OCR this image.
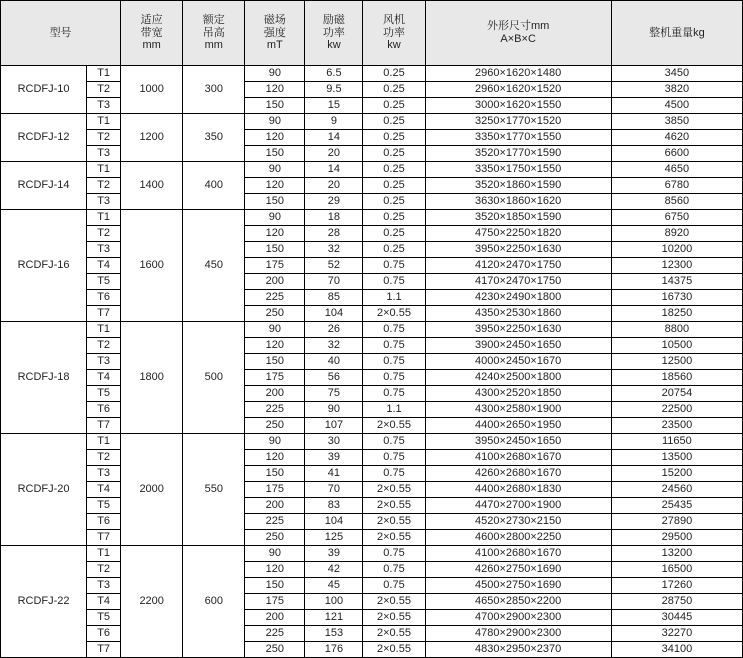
型号		适应
带宽
mm	额定
吊高
mm	磁场
强度
mT	励磁
功率
kw	风机
功率
kw	外形尺寸mm
A×B×C	整机重量kg
RCDFJ-10	T1	1000	300	90	6.5	0.25	2960×1620×1480	3450
	T2			120	9.5	0.25	2960×1620×1520	3820
	T3			150	15	0.25	3000×1620×1550	4500
RCDFJ-12	T1	1200	350	90	9	0.25	3250×1770×1520	3850
	T2			120	14	0.25	3350×1770×1550	4620
	T3			150	20	0.25	3520×1770×1590	6600
RCDFJ-14	T1	1400	400	90	14	0.25	3350×1750×1550	4650
	T2			120	20	0.25	3520×1860×1590	6780
	T3			150	29	0.25	3630×1860×1620	8560
RCDFJ-16	T1	1600	450	90	18	0.25	3520×1850×1590	6750
	T2			120	28	0.25	4750×2250×1820	8920
	T3			150	32	0.25	3950×2250×1630	10200
	T4			175	52	0.75	4120×2470×1750	12300
	T5			200	70	0.75	4170×2470×1750	14375
	T6			225	85	1.1	4230×2490×1800	16730
	T7			250	104	2×0.55	4350×2530×1860	18250
RCDFJ-18	T1	1800	500	90	26	0.75	3950×2250×1630	8800
	T2			120	32	0.75	3900×2450×1650	10500
	T3			150	40	0.75	4000×2450×1670	12500
	T4			175	56	0.75	4240×2500×1800	18560
	T5			200	75	0.75	4300×2520×1850	20754
	T6			225	90	1.1	4300×2580×1900	22500
	T7			250	107	2×0.55	4400×2650×1950	23500
RCDFJ-20	T1	2000	550	90	30	0.75	3950×2450×1650	11650
	T2			120	39	0.75	4100×2680×1670	13500
	T3			150	41	0.75	4260×2680×1670	15200
	T4			175	70	2×0.55	4400×2680×1830	24560
	T5			200	83	2×0.55	4470×2700×1900	25435
	T6			225	104	2×0.55	4520×2730×2150	27890
	T7			250	125	2×0.55	4600×2800×2250	29500
RCDFJ-22	T1	2200	600	90	39	0.75	4100×2680×1670	13200
	T2			120	42	0.75	4260×2750×1690	16500
	T3			150	45	0.75	4500×2750×1690	17260
	T4			175	100	2×0.55	4650×2850×2200	28750
	T5			200	121	2×0.55	4700×2900×2300	30445
	T6			225	153	2×0.55	4780×2900×2300	32270
	T7			250	176	2×0.55	4830×2950×2370	34100
